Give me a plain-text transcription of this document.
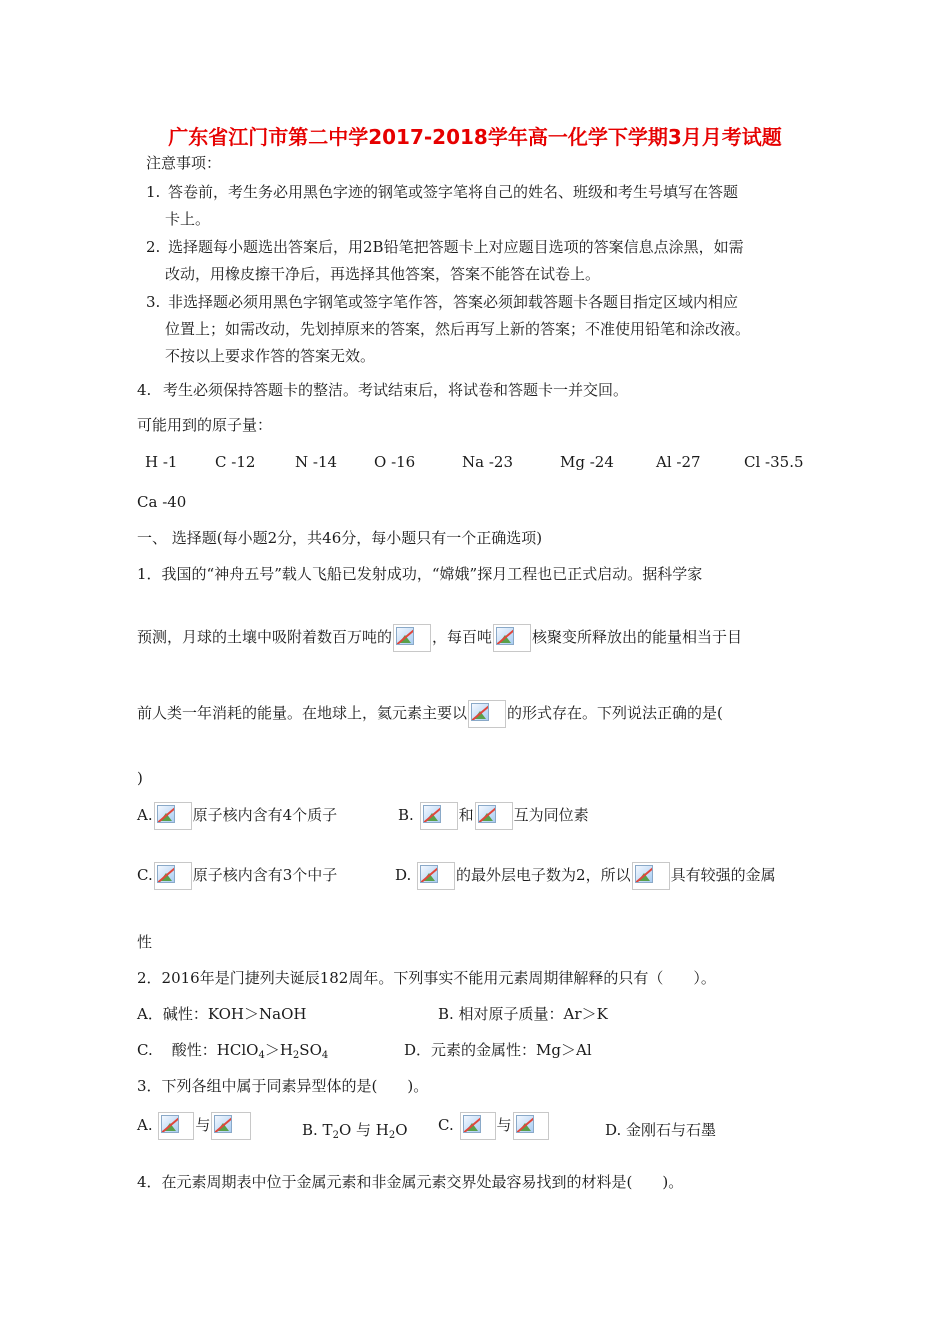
广东省江门市第二中学2017-2018学年高一化学下学期3月月考试题
注意事项：
1. 答卷前，考生务必用黑色字迹的钢笔或签字笔将自己的姓名、班级和考生号填写在答题
卡上。
2. 选择题每小题选出答案后，用2B铅笔把答题卡上对应题目选项的答案信息点涂黑，如需
改动，用橡皮擦干净后，再选择其他答案，答案不能答在试卷上。
3. 非选择题必须用黑色字钢笔或签字笔作答，答案必须卸载答题卡各题目指定区域内相应
位置上；如需改动，先划掉原来的答案，然后再写上新的答案；不准使用铅笔和涂改液。
不按以上要求作答的答案无效。
4. 考生必须保持答题卡的整洁。考试结束后，将试卷和答题卡一并交回。
可能用到的原子量：
H -1	C -12	N -14 O -16	Na -23	Mg -24	Al -27	Cl -35.5
Ca -40
一、 选择题(每小题2分，共46分，每小题只有一个正确选项)
1．我国的“神舟五号”载人飞船已发射成功，“嫦娥”探月工程也已正式启动。据科学家
预测，月球的土壤中吸附着数百万吨的	，每百吨	核聚变所释放出的能量相当于目
前人类一年消耗的能量。在地球上，氦元素主要以	的形式存在。下列说法正确的是(
)
A.	原子核内含有4个质子	B.	和	互为同位素
C.	原子核内含有3个中子	D.	的最外层电子数为2，所以	具有较强的金属
性
2．2016年是门捷列夫诞辰182周年。下列事实不能用元素周期律解释的只有（　　）。
A．碱性：KOH＞NaOH	B. 相对原子质量：Ar＞K
C. 酸性：$HClO_4>H_2SO_4$	D．元素的金属性：Mg＞Al
3．下列各组中属于同素异型体的是(　　)。
A.	与	B. $T_2O$ 与 $H_2O$ C.	与	D. 金刚石与石墨
4．在元素周期表中位于金属元素和非金属元素交界处最容易找到的材料是(　　)。
